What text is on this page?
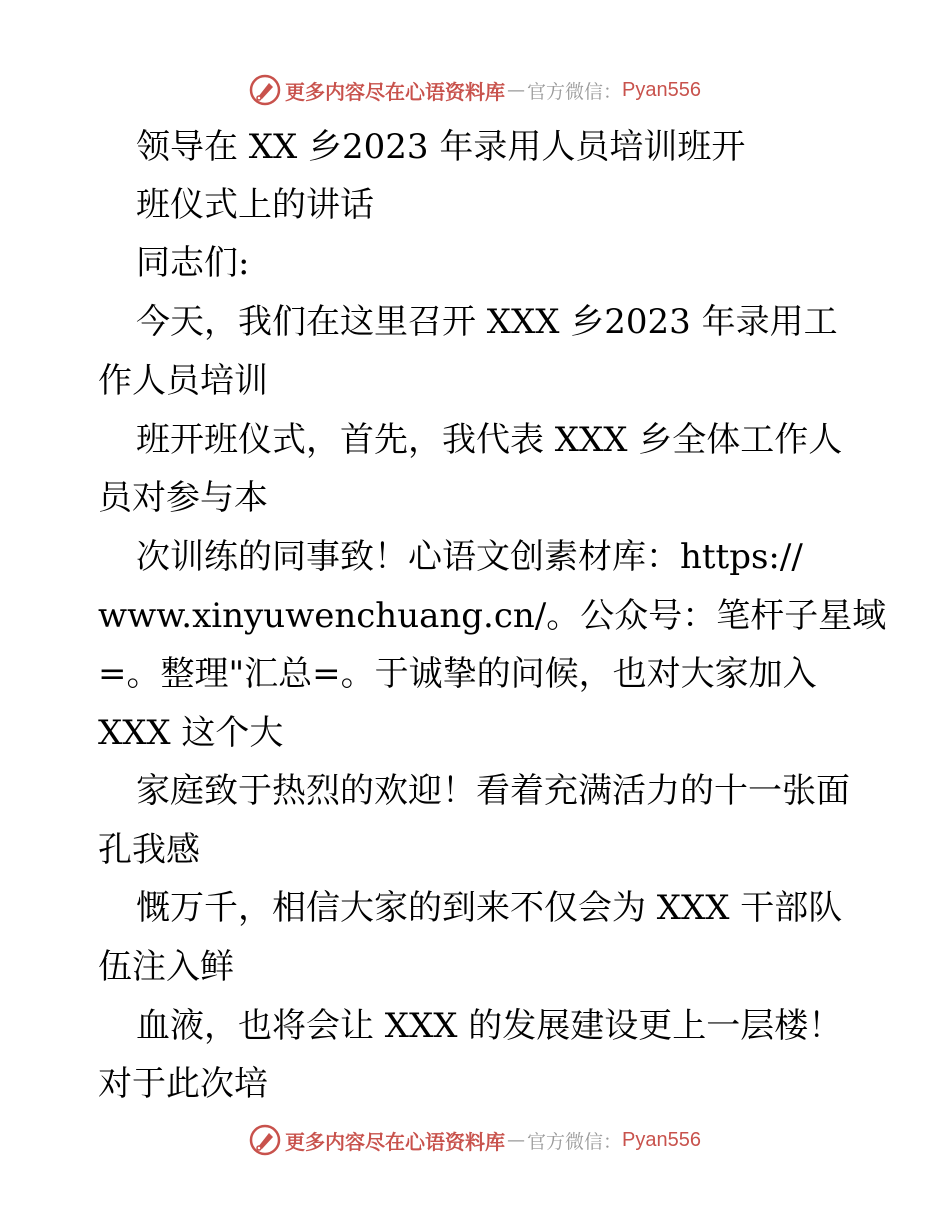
更多内容尽在心语资料库 — 官方微信： Pyan556
领导在 XX 乡2023 年录用人员培训班开
班仪式上的讲话
同志们:
今天，我们在这里召开 XXX 乡2023 年录用工
作人员培训
班开班仪式，首先，我代表 XXX 乡全体工作人
员对参与本
次训练的同事致！心语文创素材库：https://
www.xinyuwenchuang.cn/。公众号：笔杆子星域
=。整理"汇总=。于诚挚的问候，也对大家加入
XXX 这个大
家庭致于热烈的欢迎！看着充满活力的十一张面
孔我感
慨万千，相信大家的到来不仅会为 XXX 干部队
伍注入鲜
血液，也将会让 XXX 的发展建设更上一层楼！
对于此次培
更多内容尽在心语资料库 — 官方微信： Pyan556
